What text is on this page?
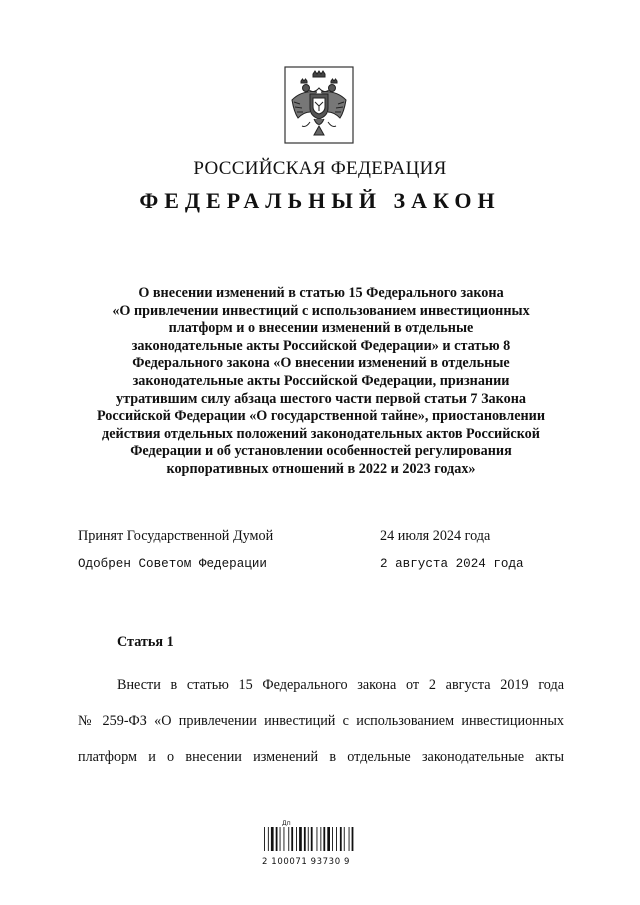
РОССИЙСКАЯ ФЕДЕРАЦИЯ
ФЕДЕРАЛЬНЫЙ ЗАКОН
О внесении изменений в статью 15 Федерального закона
«О привлечении инвестиций с использованием инвестиционных
платформ и о внесении изменений в отдельные
законодательные акты Российской Федерации» и статью 8
Федерального закона «О внесении изменений в отдельные
законодательные акты Российской Федерации, признании
утратившим силу абзаца шестого части первой статьи 7 Закона
Российской Федерации «О государственной тайне», приостановлении
действия отдельных положений законодательных актов Российской
Федерации и об установлении особенностей регулирования
корпоративных отношений в 2022 и 2023 годах»
Принят Государственной Думой	24 июля 2024 года
Одобрен Советом Федерации	2 августа 2024 года
Статья 1
Внести в статью 15 Федерального закона от 2 августа 2019 года
№ 259-ФЗ «О привлечении инвестиций с использованием инвестиционных
платформ и о внесении изменений в отдельные законодательные акты
Дп
2 100071 93730 9
